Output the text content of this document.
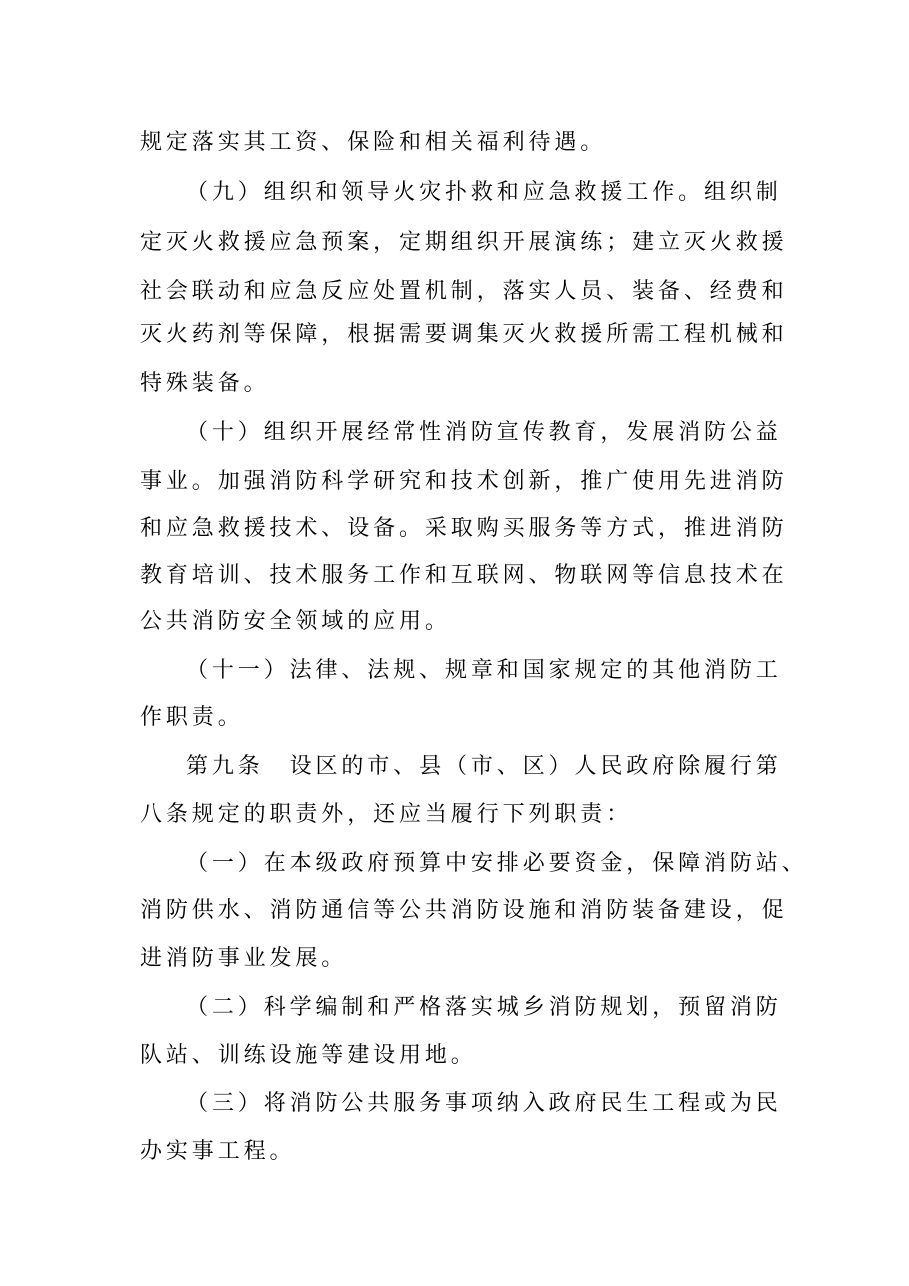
规定落实其工资、保险和相关福利待遇。
（九）组织和领导火灾扑救和应急救援工作。组织制
定灭火救援应急预案，定期组织开展演练；建立灭火救援
社会联动和应急反应处置机制，落实人员、装备、经费和
灭火药剂等保障，根据需要调集灭火救援所需工程机械和
特殊装备。
（十）组织开展经常性消防宣传教育，发展消防公益
事业。加强消防科学研究和技术创新，推广使用先进消防
和应急救援技术、设备。采取购买服务等方式，推进消防
教育培训、技术服务工作和互联网、物联网等信息技术在
公共消防安全领域的应用。
（十一）法律、法规、规章和国家规定的其他消防工
作职责。
第九条　设区的市、县（市、区）人民政府除履行第
八条规定的职责外，还应当履行下列职责：
（一）在本级政府预算中安排必要资金，保障消防站、
消防供水、消防通信等公共消防设施和消防装备建设，促
进消防事业发展。
（二）科学编制和严格落实城乡消防规划，预留消防
队站、训练设施等建设用地。
（三）将消防公共服务事项纳入政府民生工程或为民
办实事工程。
